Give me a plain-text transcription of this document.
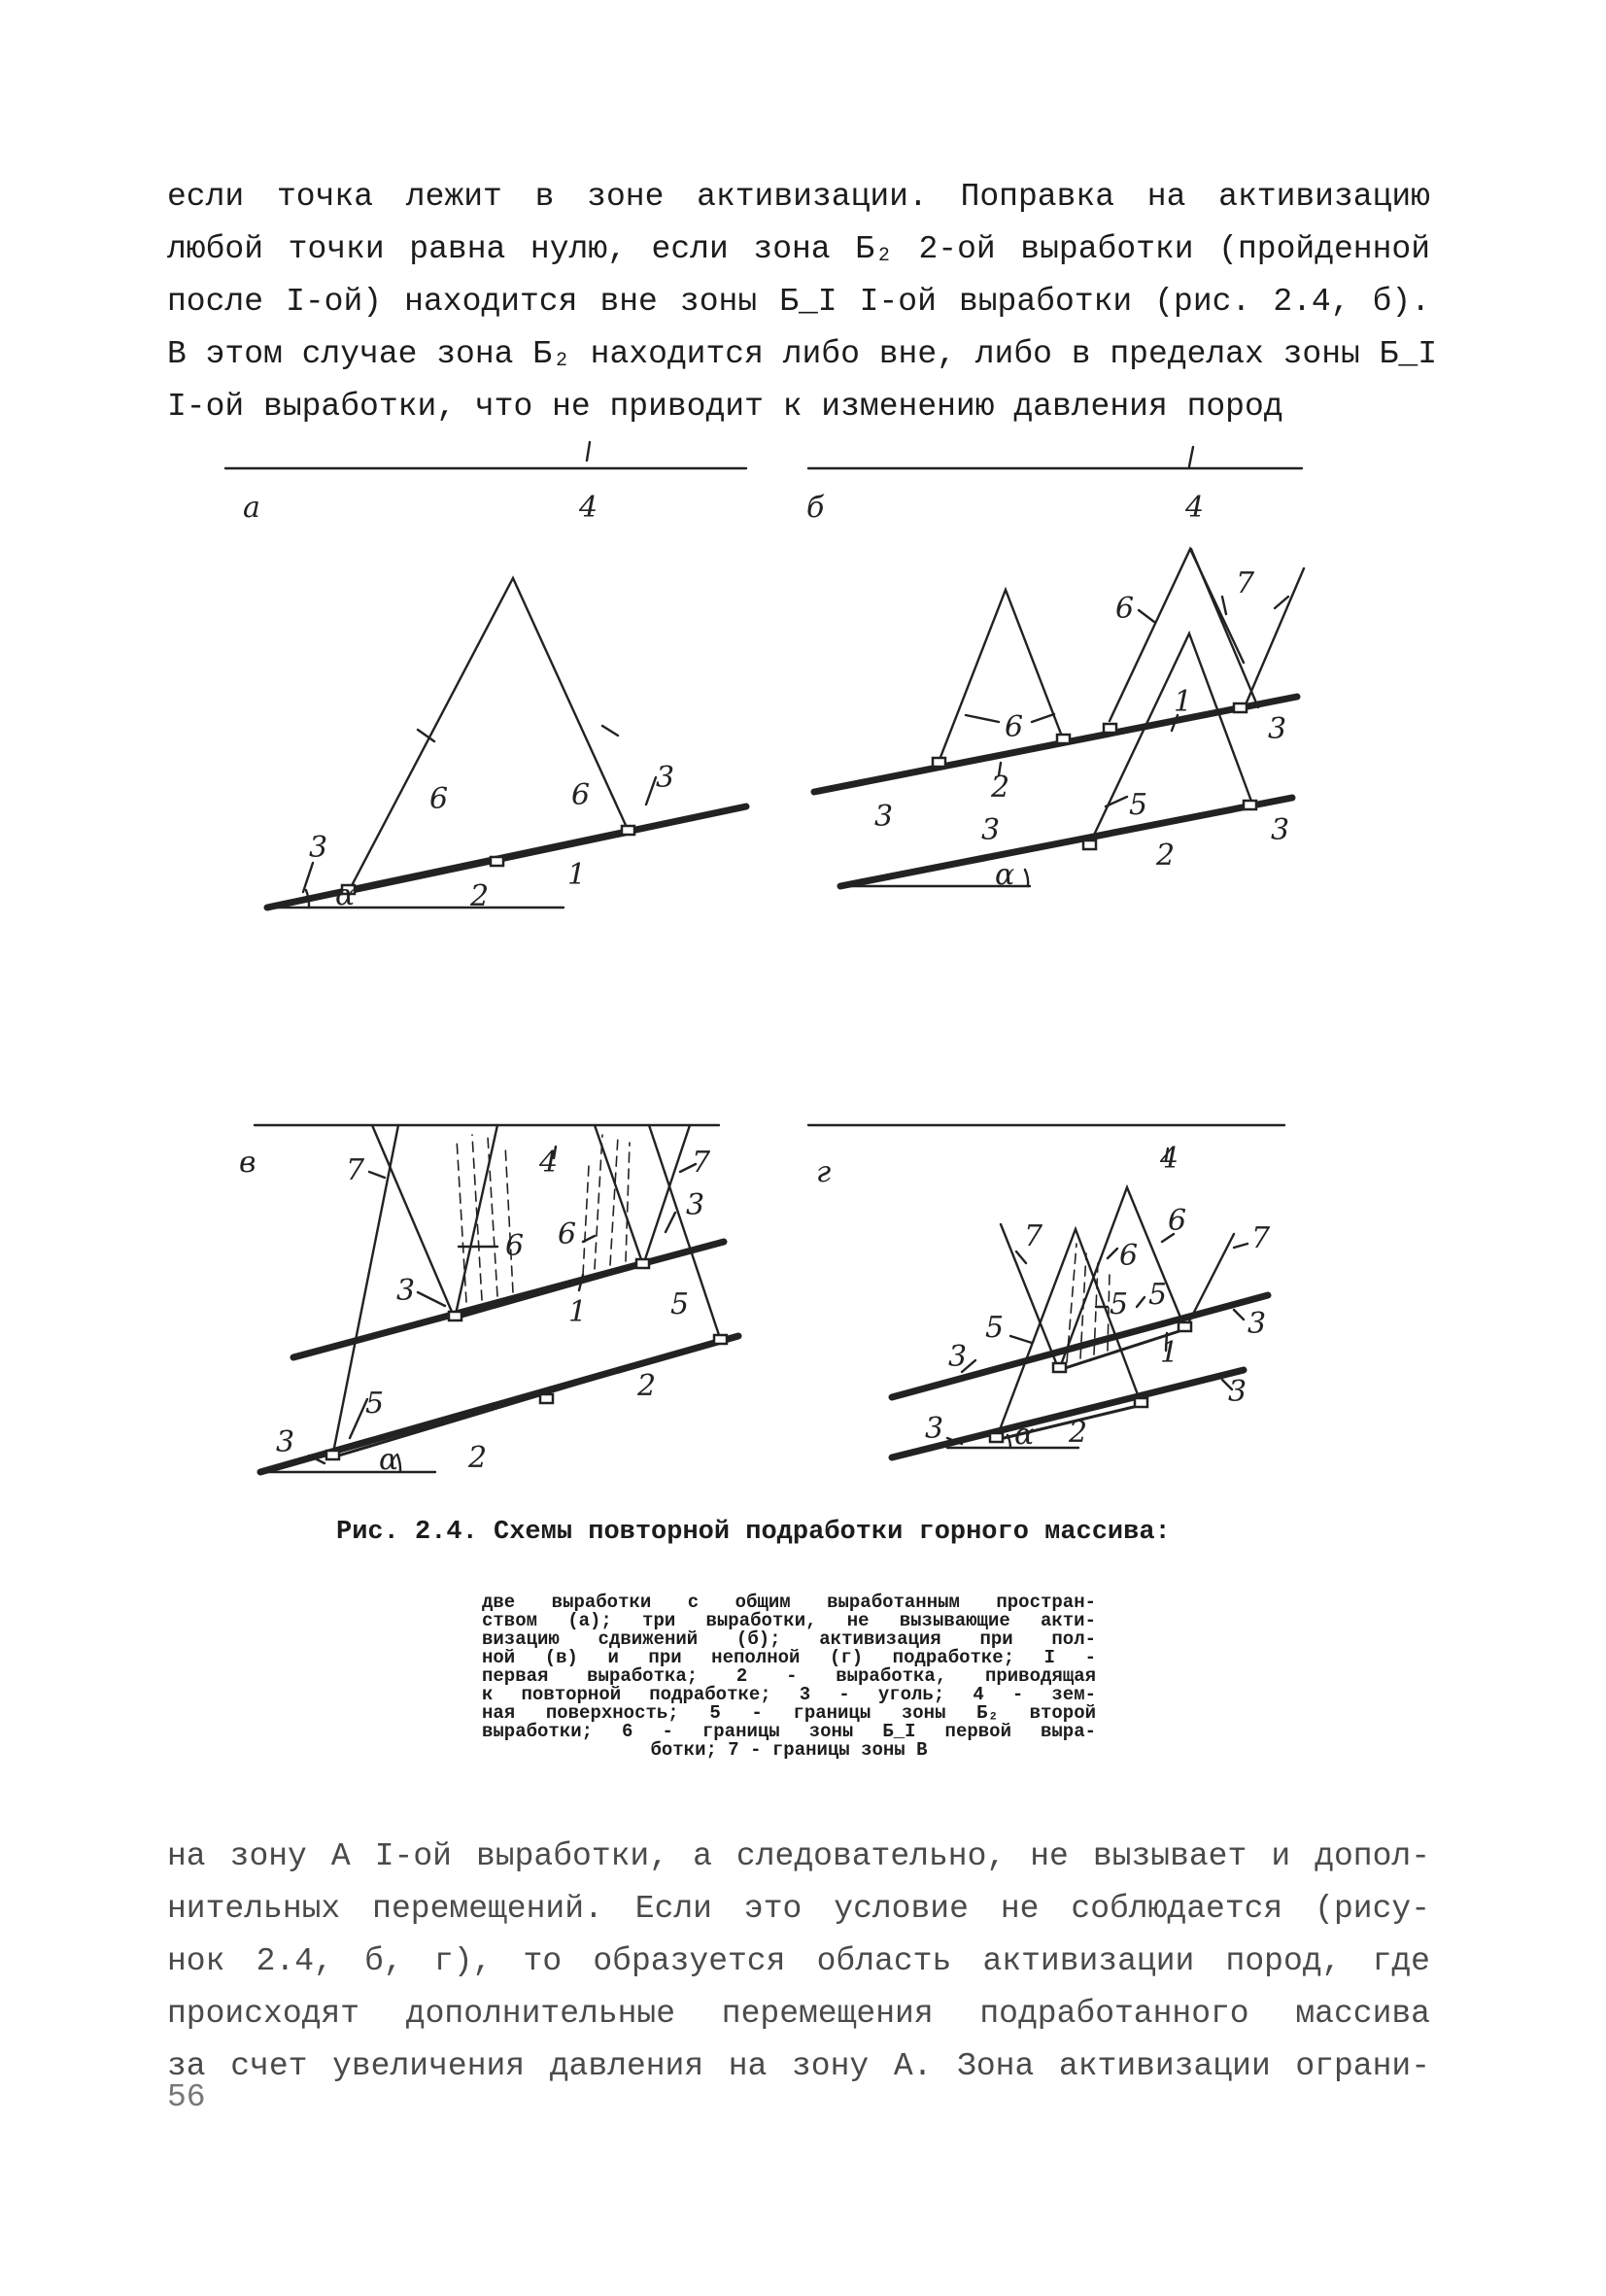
если точка лежит в зоне активизации. Поправка на активизацию
любой точки равна нулю, если зона Б₂ 2-ой выработки (пройденной
после I-ой) находится вне зоны Б_I I-ой выработки (рис. 2.4, б).
В этом случае зона Б₂ находится либо вне, либо в пределах зоны Б_I
I-ой выработки, что не приводит к изменению давления пород
а	4
6	6
3
3
1
2
α
б	4
6
7
6
1
3
2
3	5
3	3
2
α
в	7	4	7
3
6
6
3
1	5
2
5
3	2
α
г	4
7	6
6
7
5 5
5	3
1
3
3
3 α 2

Рис. 2.4. Схемы повторной подработки горного массива:

две выработки с общим выработанным простран-
ством (а); три выработки, не вызывающие акти-
визацию сдвижений (б); активизация при пол-
ной (в) и при неполной (г) подработке; I -
первая выработка; 2 - выработка, приводящая
к повторной подработке; 3 - уголь; 4 - зем-
ная поверхность; 5 - границы зоны Б₂ второй
выработки; 6 - границы зоны Б_I первой выра-
ботки; 7 - границы зоны В
на зону А I-ой выработки, а следовательно, не вызывает и допол-
нительных перемещений. Если это условие не соблюдается (рису-
нок 2.4, б, г), то образуется область активизации пород, где
происходят дополнительные перемещения подработанного массива
за счет увеличения давления на зону А. Зона активизации ограни-

56
